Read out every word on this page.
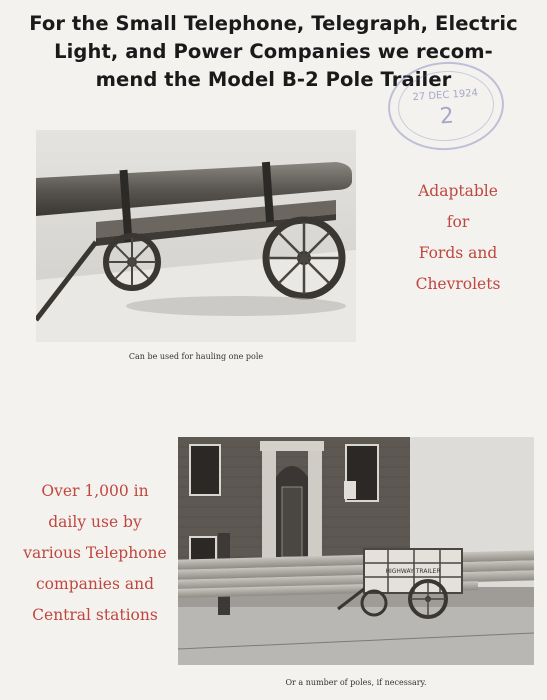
For the Small Telephone, Telegraph, Electric
Light, and Power Companies we recom-
mend the Model B-2 Pole Trailer
27 DEC 1924
2
Can be used for hauling one pole
Adaptable
for
Fords and
Chevrolets
Over 1,000 in
daily use by
various Telephone
companies and
Central stations
HIGHWAY TRAILER
Or a number of poles, if necessary.
